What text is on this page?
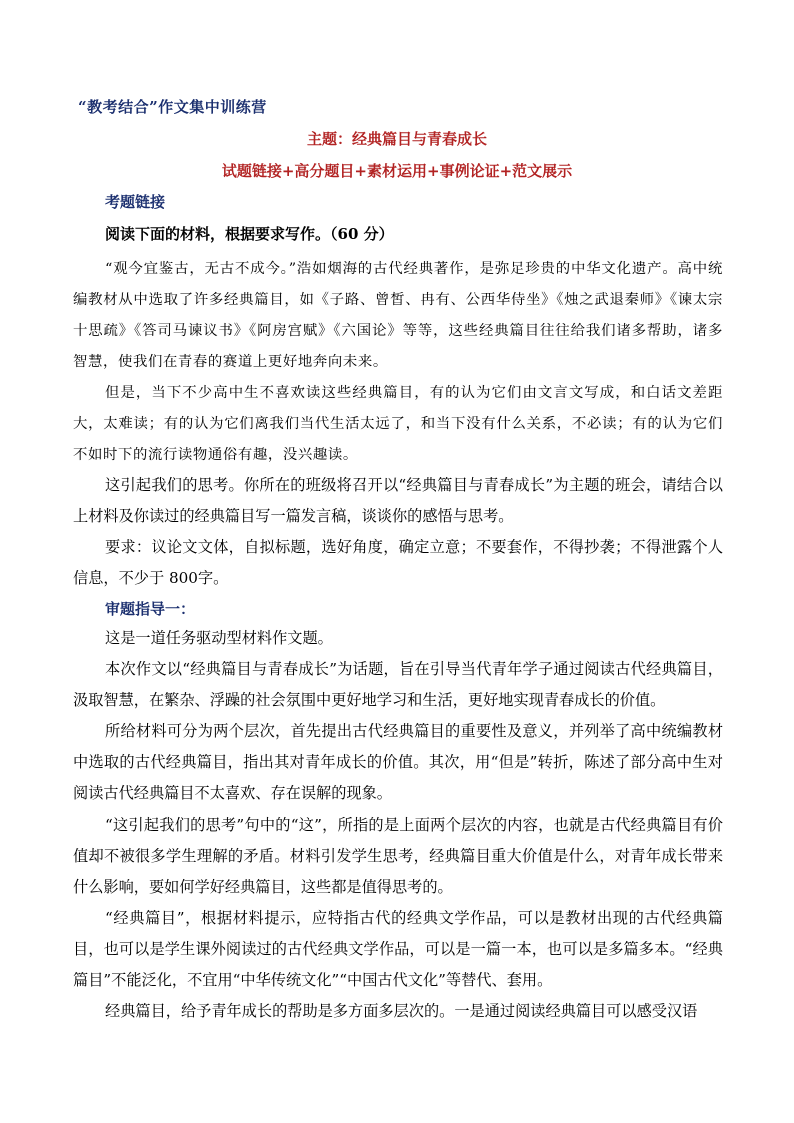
“教考结合”作文集中训练营
主题：经典篇目与青春成长
试题链接+高分题目+素材运用+事例论证+范文展示
考题链接
阅读下面的材料，根据要求写作。（60 分）

“观今宜鉴古，无古不成今。”浩如烟海的古代经典著作，是弥足珍贵的中华文化遗产。高中统编教材从中选取了许多经典篇目，如《子路、曾皙、冉有、公西华侍坐》《烛之武退秦师》《谏太宗十思疏》《答司马谏议书》《阿房宫赋》《六国论》等等，这些经典篇目往往给我们诸多帮助，诸多智慧，使我们在青春的赛道上更好地奔向未来。

但是，当下不少高中生不喜欢读这些经典篇目，有的认为它们由文言文写成，和白话文差距大，太难读；有的认为它们离我们当代生活太远了，和当下没有什么关系，不必读；有的认为它们不如时下的流行读物通俗有趣，没兴趣读。

这引起我们的思考。你所在的班级将召开以“经典篇目与青春成长”为主题的班会，请结合以上材料及你读过的经典篇目写一篇发言稿，谈谈你的感悟与思考。

要求：议论文文体，自拟标题，选好角度，确定立意；不要套作，不得抄袭；不得泄露个人信息，不少于 800字。

审题指导一：

这是一道任务驱动型材料作文题。

本次作文以“经典篇目与青春成长”为话题，旨在引导当代青年学子通过阅读古代经典篇目，汲取智慧，在繁杂、浮躁的社会氛围中更好地学习和生活，更好地实现青春成长的价值。

所给材料可分为两个层次，首先提出古代经典篇目的重要性及意义，并列举了高中统编教材中选取的古代经典篇目，指出其对青年成长的价值。其次，用“但是”转折，陈述了部分高中生对阅读古代经典篇目不太喜欢、存在误解的现象。

“这引起我们的思考”句中的“这”，所指的是上面两个层次的内容，也就是古代经典篇目有价值却不被很多学生理解的矛盾。材料引发学生思考，经典篇目重大价值是什么，对青年成长带来什么影响，要如何学好经典篇目，这些都是值得思考的。

“经典篇目”，根据材料提示，应特指古代的经典文学作品，可以是教材出现的古代经典篇目，也可以是学生课外阅读过的古代经典文学作品，可以是一篇一本，也可以是多篇多本。“经典篇目”不能泛化，不宜用“中华传统文化”“中国古代文化”等替代、套用。

经典篇目，给予青年成长的帮助是多方面多层次的。一是通过阅读经典篇目可以感受汉语
